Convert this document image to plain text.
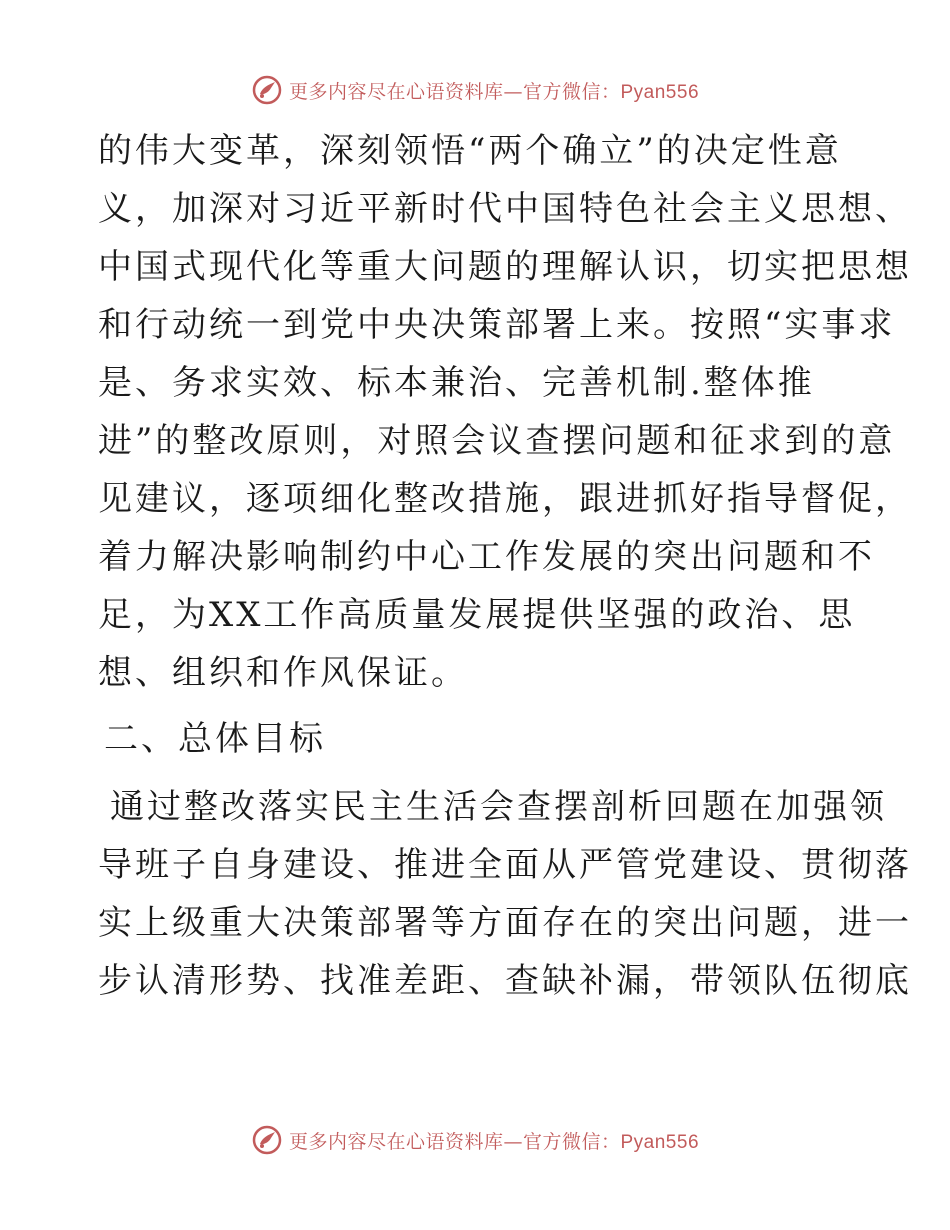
更多内容尽在心语资料库—官方微信：Pyan556

的伟大变革，深刻领悟“两个确立”的决定性意

义，加深对习近平新时代中国特色社会主义思想、

中国式现代化等重大问题的理解认识，切实把思想

和行动统一到党中央决策部署上来。按照“实事求

是、务求实效、标本兼治、完善机制.整体推

进”的整改原则，对照会议查摆问题和征求到的意

见建议，逐项细化整改措施，跟进抓好指导督促，

着力解决影响制约中心工作发展的突出问题和不

足，为XX工作高质量发展提供坚强的政治、思

想、组织和作风保证。

二、总体目标

通过整改落实民主生活会查摆剖析回题在加强领

导班子自身建设、推进全面从严管党建设、贯彻落

实上级重大决策部署等方面存在的突出问题，进一

步认清形势、找准差距、查缺补漏，带领队伍彻底

更多内容尽在心语资料库—官方微信：Pyan556
